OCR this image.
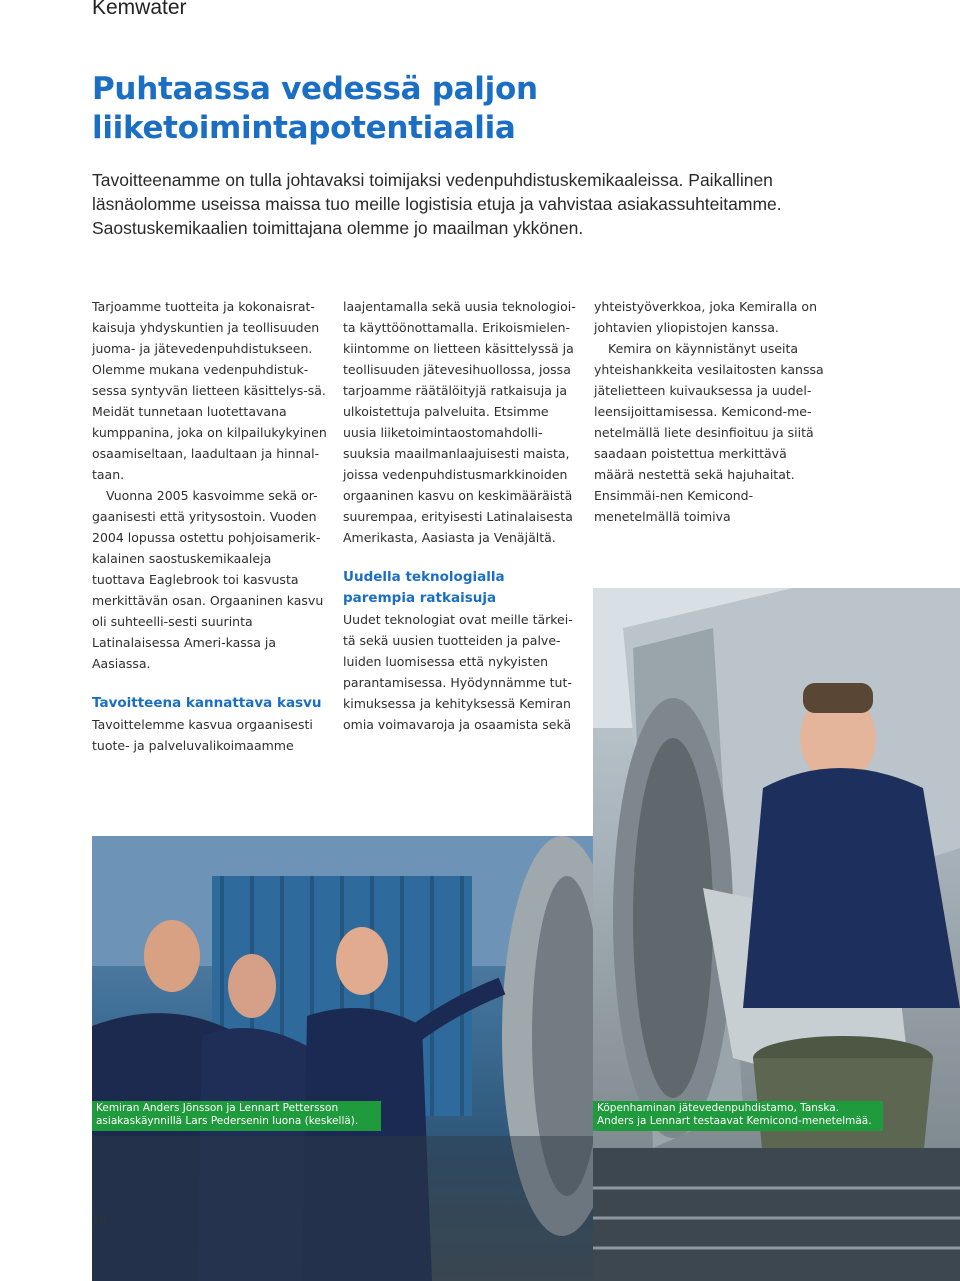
Kemwater
Puhtaassa vedessä paljon
liiketoimintapotentiaalia

Tavoitteenamme on tulla johtavaksi toimijaksi vedenpuhdistuskemikaaleissa. Paikallinen

läsnäolomme useissa maissa tuo meille logistisia etuja ja vahvistaa asiakassuhteitamme.

Saostuskemikaalien toimittajana olemme jo maailman ykkönen.

Tarjoamme tuotteita ja kokonaisrat-kaisuja yhdyskuntien ja teollisuuden juoma- ja jätevedenpuhdistukseen. Olemme mukana vedenpuhdistuk-sessa syntyvän lietteen käsittelys-sä. Meidät tunnetaan luotettavana kumppanina, joka on kilpailukykyinen osaamiseltaan, laadultaan ja hinnal-taan.

Vuonna 2005 kasvoimme sekä or-gaanisesti että yritysostoin. Vuoden 2004 lopussa ostettu pohjoisamerik-kalainen saostuskemikaaleja tuottava Eaglebrook toi kasvusta merkittävän osan. Orgaaninen kasvu oli suhteelli-sesti suurinta Latinalaisessa Ameri-kassa ja Aasiassa.

Tavoitteena kannattava kasvu

Tavoittelemme kasvua orgaanisesti tuote- ja palveluvalikoimaamme

laajentamalla sekä uusia teknologioi-ta käyttöönottamalla. Erikoismielen-kiintomme on lietteen käsittelyssä ja teollisuuden jätevesihuollossa, jossa tarjoamme räätälöityjä ratkaisuja ja ulkoistettuja palveluita. Etsimme uusia liiketoimintaostomahdolli-suuksia maailmanlaajuisesti maista, joissa vedenpuhdistusmarkkinoiden orgaaninen kasvu on keskimääräistä suurempaa, erityisesti Latinalaisesta Amerikasta, Aasiasta ja Venäjältä.

Uudella teknologialla
parempia ratkaisuja

Uudet teknologiat ovat meille tärkei-tä sekä uusien tuotteiden ja palve-luiden luomisessa että nykyisten parantamisessa. Hyödynnämme tut-kimuksessa ja kehityksessä Kemiran omia voimavaroja ja osaamista sekä

yhteistyöverkkoa, joka Kemiralla on johtavien yliopistojen kanssa.

Kemira on käynnistänyt useita yhteishankkeita vesilaitosten kanssa jätelietteen kuivauksessa ja uudel-leensijoittamisessa. Kemicond-me-netelmällä liete desinfioituu ja siitä saadaan poistettua merkittävä määrä nestettä sekä hajuhaitat. Ensimmäi-nen Kemicond-menetelmällä toimiva

Kemiran Anders Jönsson ja Lennart Pettersson

asiakaskäynnillä Lars Pedersenin luona (keskellä).

Köpenhaminan jätevedenpuhdistamo, Tanska.

Anders ja Lennart testaavat Kemicond-menetelmää.

10
